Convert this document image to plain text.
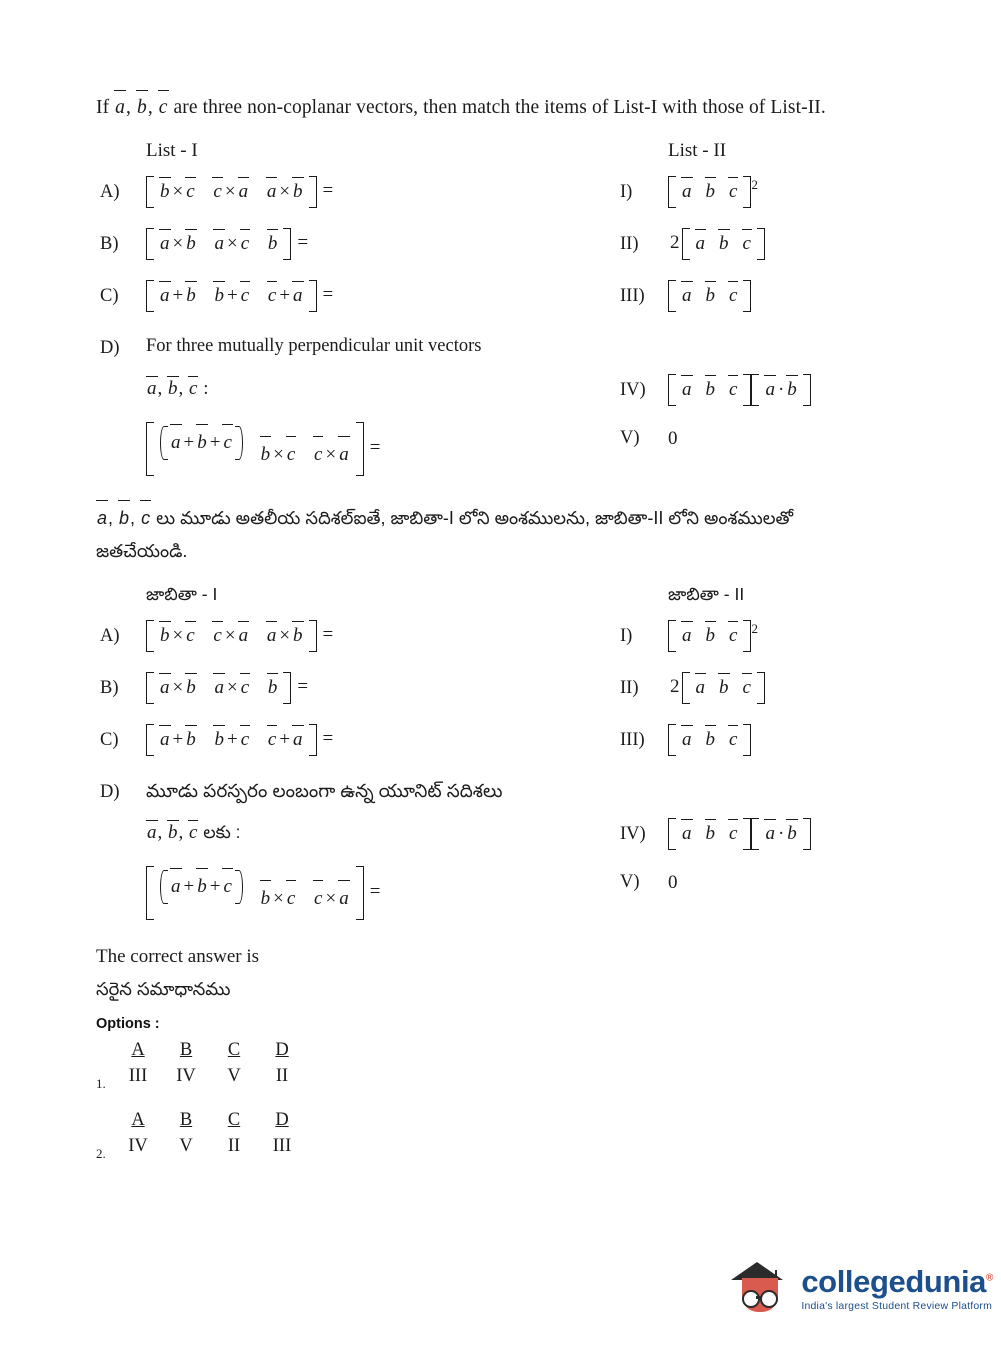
If a, b, c are three non-coplanar vectors, then match the items of List-I with those of List-II.
List - I	List - II
A)	b × c c × a a × b	=	I)	a b c	$^2$
B)	a × b a × c b	=	II) 2 a b c
C)	a + b b + c c + a	=	III)	a b c
D) For three mutually perpendicular unit vectors
a, b, c :	IV)	a b c	a · b
a + b + c
b × c c × a	=	V) 0
a, b, c లు మూడు అతలీయ సదిశల్ఐతే, జాబితా-I లోని అంశములను, జాబితా-II లోని అంశములతో
జతచేయండి.
జాబితా - I	జాబితా - II
A)	b × c c × a a × b	=	I)	a b c	$^2$
B)	a × b a × c b	=	II) 2 a b c
C)	a + b b + c c + a	=	III)	a b c
D) మూడు పరస్పరం లంబంగా ఉన్న యూనిట్ సదిశలు
a, b, c లకు :	IV)	a b c	a · b
a + b + c
b × c c × a	=	V) 0
The correct answer is
సరైన సమాధానము
Options :
1.
A B C D
III IV V II
2.
A B C D
IV V II III
collegedunia®
India's largest Student Review Platform
